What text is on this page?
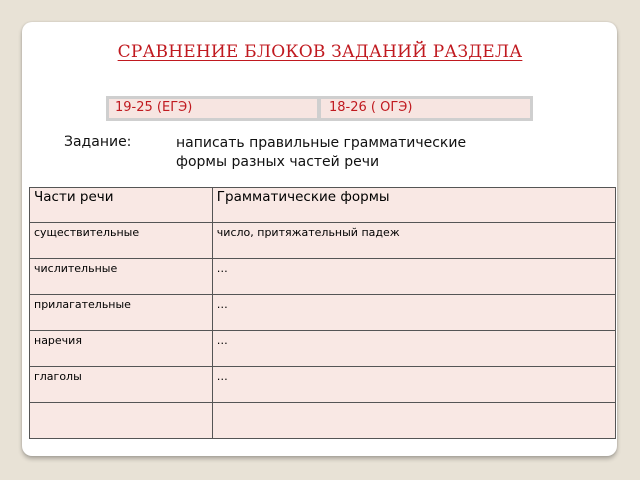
СРАВНЕНИЕ БЛОКОВ ЗАДАНИЙ РАЗДЕЛА
19-25 (ЕГЭ)	18-26 ( ОГЭ)
Задание:	написать правильные грамматические
формы разных частей речи
Части речи	Грамматические формы
существительные	число, притяжательный падеж
числительные	…
прилагательные	…
наречия	…
глаголы	…
